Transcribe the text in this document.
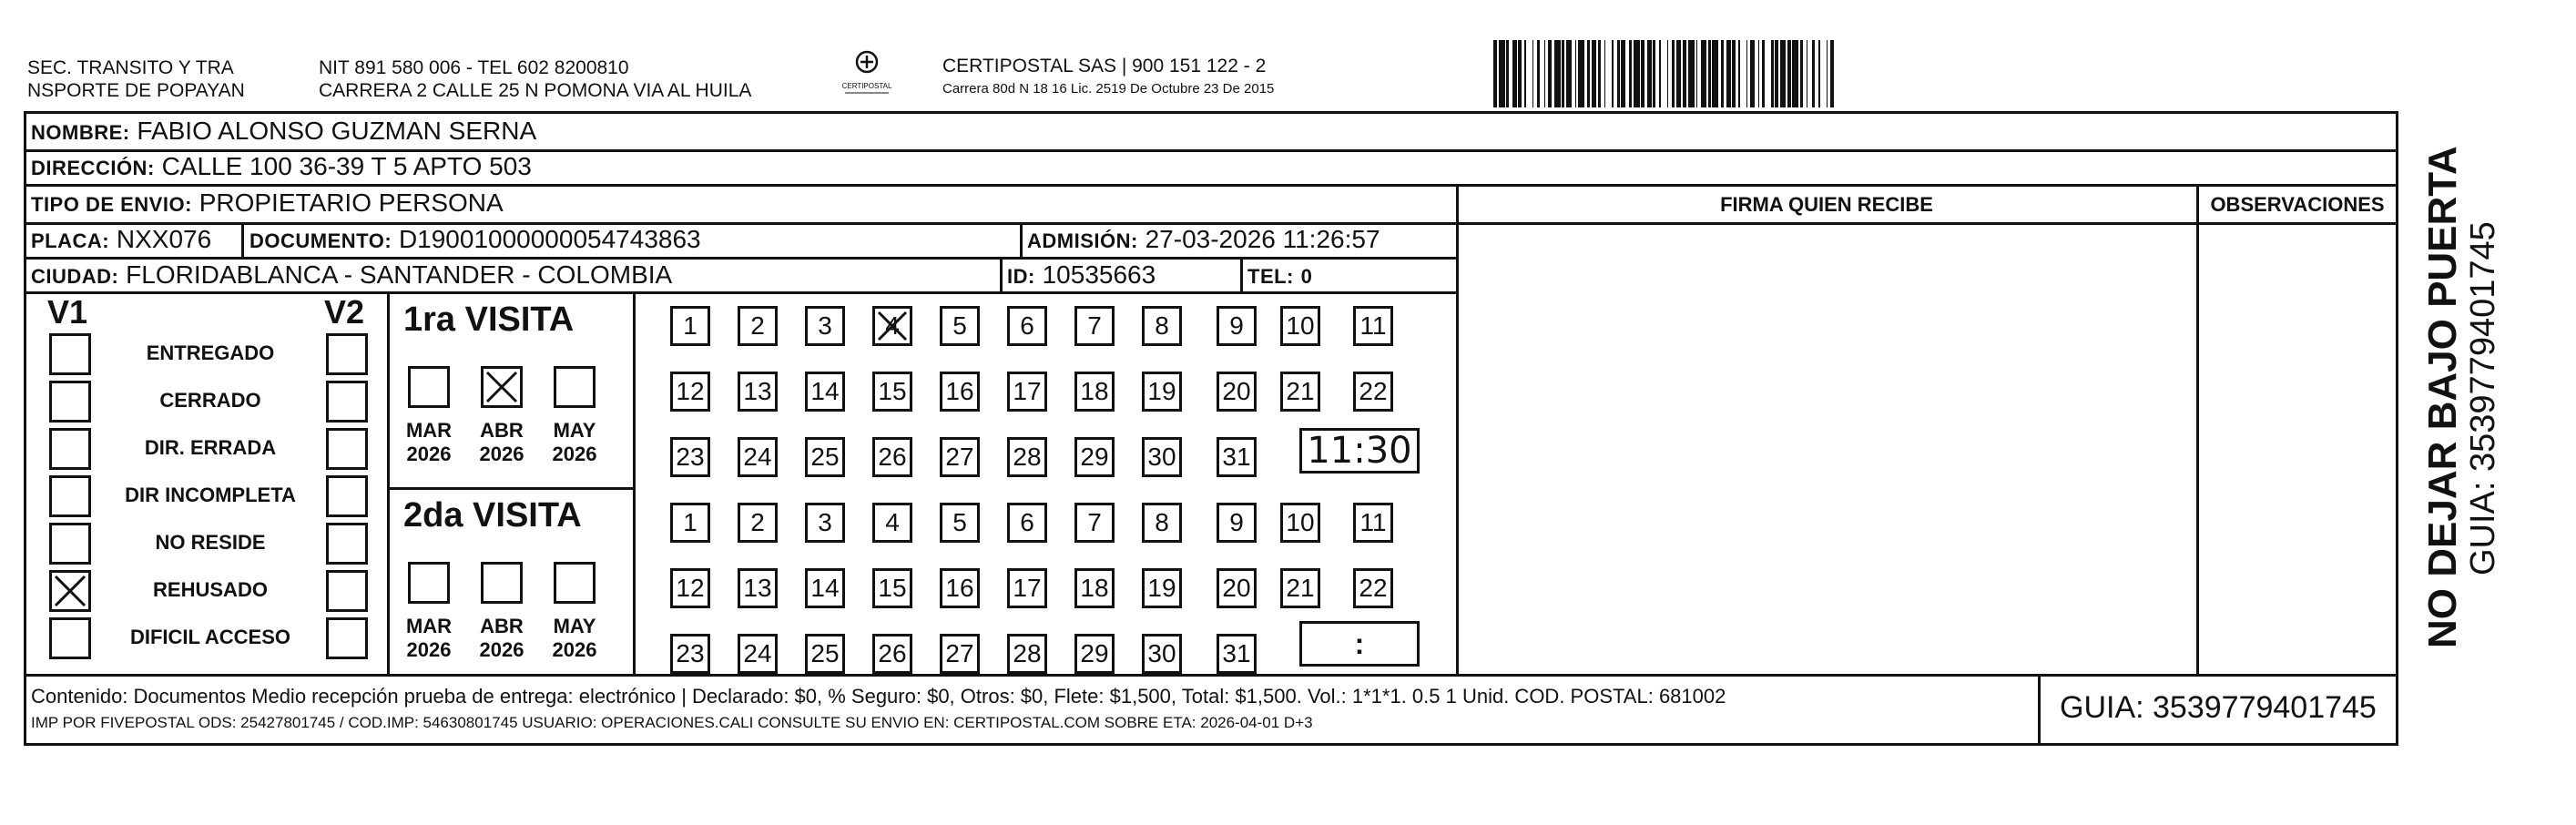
SEC. TRANSITO Y TRA
NSPORTE DE POPAYAN
NIT 891 580 006 - TEL 602 8200810
CARRERA 2 CALLE 25 N POMONA VIA AL HUILA	CERTIPOSTAL
CERTIPOSTAL SAS | 900 151 122 - 2
Carrera 80d N 18 16 Lic. 2519 De Octubre 23 De 2015
NOMBRE: FABIO ALONSO GUZMAN SERNA
DIRECCIÓN: CALLE 100 36-39 T 5 APTO 503
TIPO DE ENVIO: PROPIETARIO PERSONA
PLACA: NXX076 DOCUMENTO: D19001000000054743863	ADMISIÓN: 27-03-2026 11:26:57
CIUDAD: FLORIDABLANCA - SANTANDER - COLOMBIA	ID: 10535663	TEL: 0
FIRMA QUIEN RECIBE	OBSERVACIONES
V1	V2
ENTREGADO
CERRADO
DIR. ERRADA
DIR INCOMPLETA
NO RESIDE
REHUSADO
DIFICIL ACCESO
1ra VISITA
2da VISITA
MAR
2026
ABR
2026
MAY
2026
MAR
2026
ABR
2026
MAY
2026
1	2	3	4	5	6	7	8	9	10 11
12 13 14 15 16 17 18 19 20 21 22
23 24 25 26 27 28 29 30 31
1	2	3	4	5	6	7	8	9	10 11
12 13 14 15 16 17 18 19 20 21 22
23 24 25 26 27 28 29 30 31
11:30
:
Contenido: Documentos Medio recepción prueba de entrega: electrónico | Declarado: $0, % Seguro: $0, Otros: $0, Flete: $1,500, Total: $1,500. Vol.: 1*1*1. 0.5 1 Unid. COD. POSTAL: 681002
IMP POR FIVEPOSTAL ODS: 25427801745 / COD.IMP: 54630801745 USUARIO: OPERACIONES.CALI CONSULTE SU ENVIO EN: CERTIPOSTAL.COM SOBRE ETA: 2026-04-01 D+3	GUIA: 3539779401745
NO DEJAR BAJO PUERTA GUIA: 3539779401745
